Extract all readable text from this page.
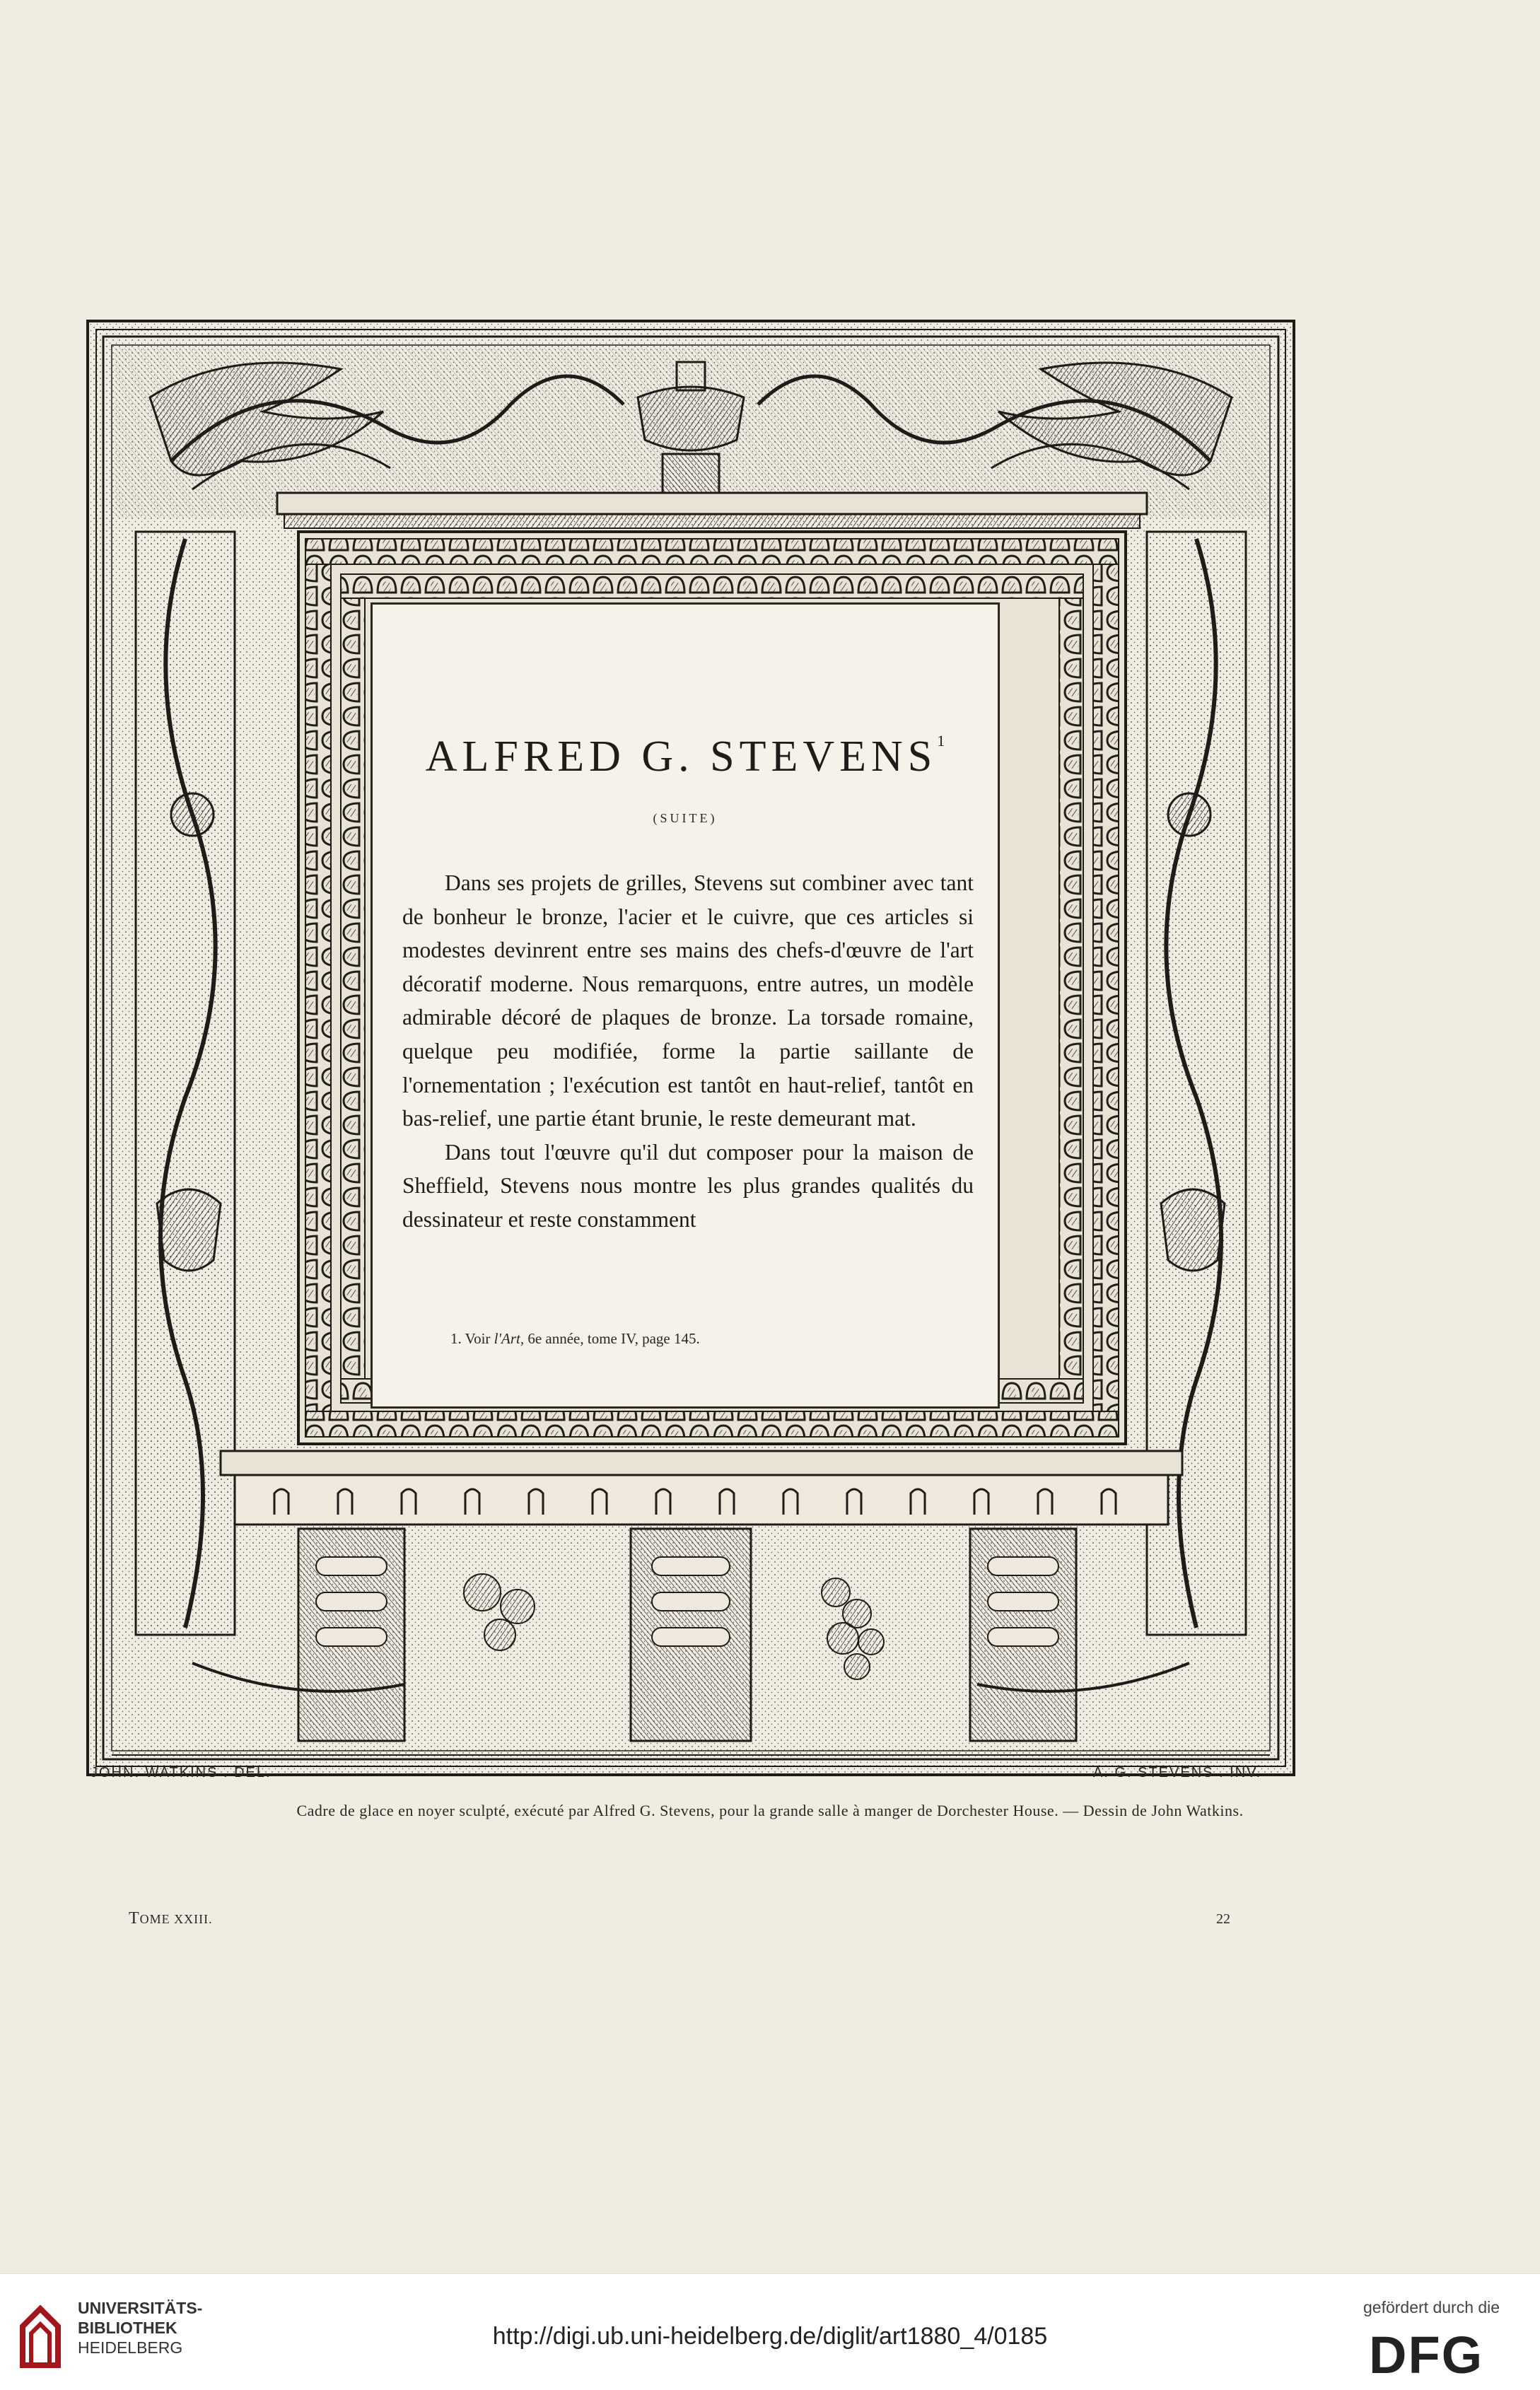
JOHN. WATKINS . DEL.	A. G. STEVENS . INV.
ALFRED G. STEVENS$^1$
(SUITE)

Dans ses projets de grilles, Stevens sut combiner avec tant de bonheur le bronze, l'acier et le cuivre, que ces articles si modestes devinrent entre ses mains des chefs-d'œuvre de l'art décoratif moderne. Nous remarquons, entre autres, un modèle admirable décoré de plaques de bronze. La torsade romaine, quelque peu modifiée, forme la partie saillante de l'ornementation ; l'exécution est tantôt en haut-relief, tantôt en bas-relief, une partie étant brunie, le reste demeurant mat.

Dans tout l'œuvre qu'il dut composer pour la maison de Sheffield, Stevens nous montre les plus grandes qualités du dessinateur et reste constamment

1. Voir l'Art, 6e année, tome IV, page 145.
Cadre de glace en noyer sculpté, exécuté par Alfred G. Stevens, pour la grande salle à manger de Dorchester House. — Dessin de John Watkins.
TOME XXIII.	22
UNIVERSITÄTS-
BIBLIOTHEK
HEIDELBERG	http://digi.ub.uni-heidelberg.de/diglit/art1880_4/0185
gefördert durch die
DFG
